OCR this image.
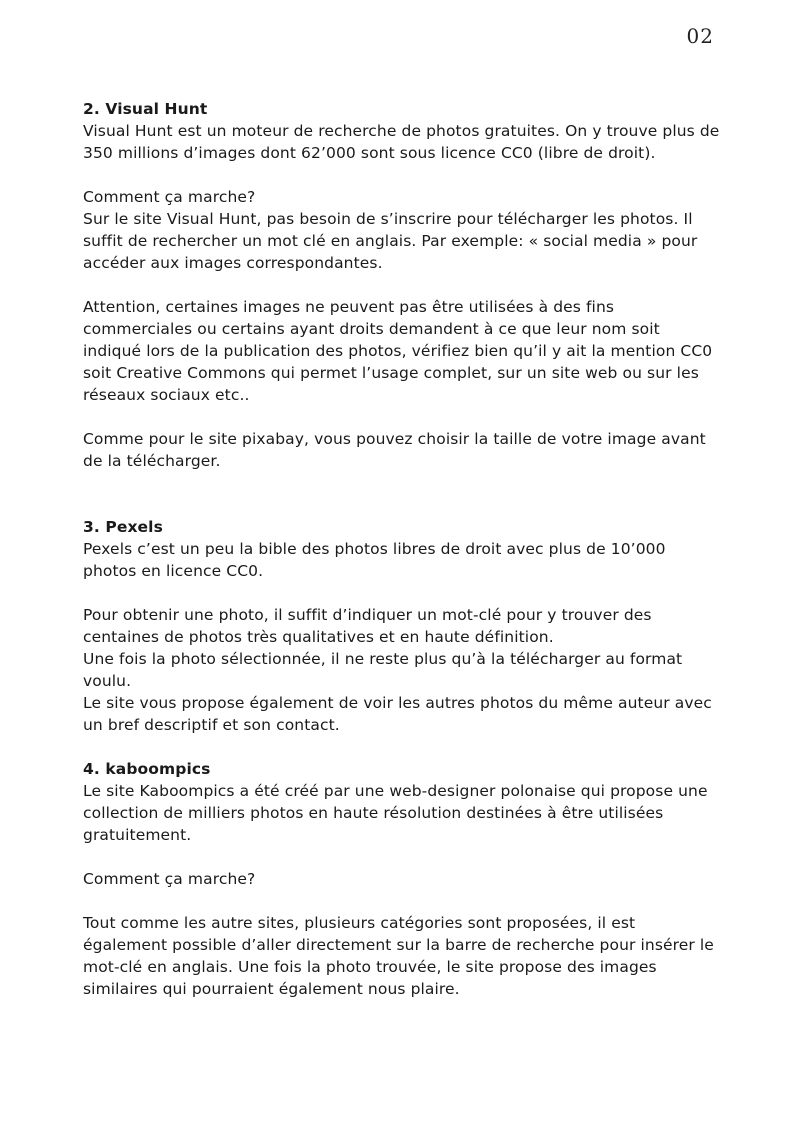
02

2. Visual Hunt

Visual Hunt est un moteur de recherche de photos gratuites. On y trouve plus de 350 millions d’images dont 62’000 sont sous licence CC0 (libre de droit).

Comment ça marche?

Sur le site Visual Hunt, pas besoin de s’inscrire pour télécharger les photos. Il suffit de rechercher un mot clé en anglais. Par exemple: « social media » pour accéder aux images correspondantes.

Attention, certaines images ne peuvent pas être utilisées à des fins commerciales ou certains ayant droits demandent à ce que leur nom soit indiqué lors de la publication des photos, vérifiez bien qu’il y ait la mention CC0 soit Creative Commons qui permet l’usage complet, sur un site web ou sur les réseaux sociaux etc..

Comme pour le site pixabay, vous pouvez choisir la taille de votre image avant de la télécharger.

3. Pexels

Pexels c’est un peu la bible des photos libres de droit avec plus de 10’000 photos en licence CC0.

Pour obtenir une photo, il suffit d’indiquer un mot-clé pour y trouver des centaines de photos très qualitatives et en haute définition.

Une fois la photo sélectionnée, il ne reste plus qu’à la télécharger au format voulu.

Le site vous propose également de voir les autres photos du même auteur avec un bref descriptif et son contact.

4. kaboompics

Le site Kaboompics a été créé par une web-designer polonaise qui propose une collection de milliers photos en haute résolution destinées à être utilisées gratuitement.

Comment ça marche?

Tout comme les autre sites, plusieurs catégories sont proposées, il est également possible d’aller directement sur la barre de recherche pour insérer le mot-clé en anglais. Une fois la photo trouvée, le site propose des images similaires qui pourraient également nous plaire.
